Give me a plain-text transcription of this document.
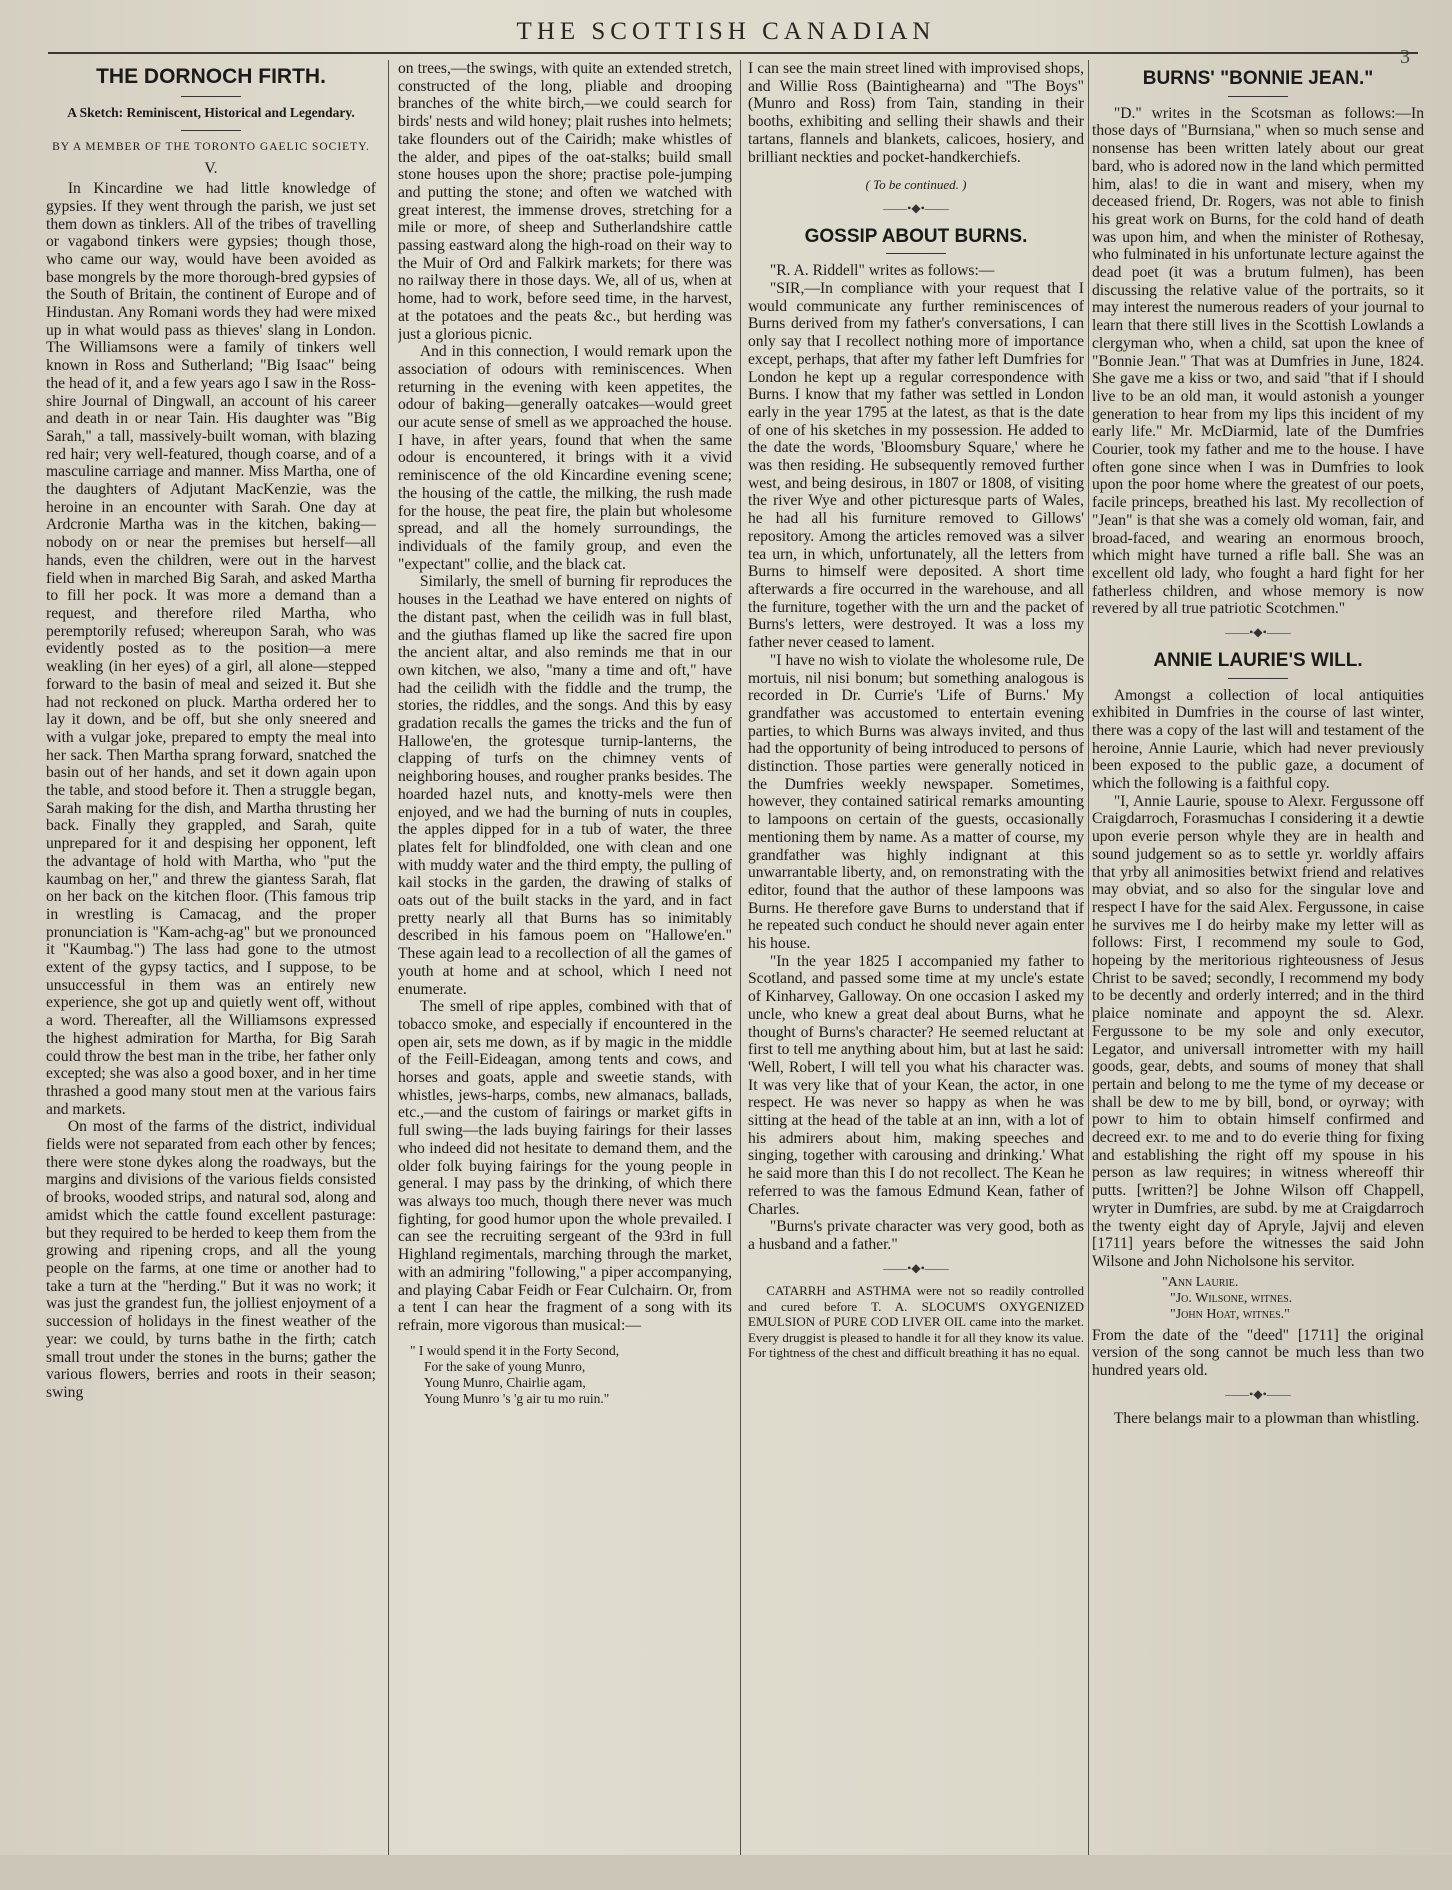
THE SCOTTISH CANADIAN
3
THE DORNOCH FIRTH.
A Sketch: Reminiscent, Historical and Legendary.
BY A MEMBER OF THE TORONTO GAELIC SOCIETY.
V.

In Kincardine we had little knowledge of gypsies. If they went through the parish, we just set them down as tinklers. All of the tribes of travelling or vagabond tinkers were gypsies; though those, who came our way, would have been avoided as base mongrels by the more thorough-bred gypsies of the South of Britain, the continent of Europe and of Hindustan. Any Romani words they had were mixed up in what would pass as thieves' slang in London. The Williamsons were a family of tinkers well known in Ross and Sutherland; "Big Isaac" being the head of it, and a few years ago I saw in the Ross-shire Journal of Dingwall, an account of his career and death in or near Tain. His daughter was "Big Sarah," a tall, massively-built woman, with blazing red hair; very well-featured, though coarse, and of a masculine carriage and manner. Miss Martha, one of the daughters of Adjutant MacKenzie, was the heroine in an encounter with Sarah. One day at Ardcronie Martha was in the kitchen, baking—nobody on or near the premises but herself—all hands, even the children, were out in the harvest field when in marched Big Sarah, and asked Martha to fill her pock. It was more a demand than a request, and therefore riled Martha, who peremptorily refused; whereupon Sarah, who was evidently posted as to the position—a mere weakling (in her eyes) of a girl, all alone—stepped forward to the basin of meal and seized it. But she had not reckoned on pluck. Martha ordered her to lay it down, and be off, but she only sneered and with a vulgar joke, prepared to empty the meal into her sack. Then Martha sprang forward, snatched the basin out of her hands, and set it down again upon the table, and stood before it. Then a struggle began, Sarah making for the dish, and Martha thrusting her back. Finally they grappled, and Sarah, quite unprepared for it and despising her opponent, left the advantage of hold with Martha, who "put the kaumbag on her," and threw the giantess Sarah, flat on her back on the kitchen floor. (This famous trip in wrestling is Camacag, and the proper pronunciation is "Kam-achg-ag" but we pronounced it "Kaumbag.") The lass had gone to the utmost extent of the gypsy tactics, and I suppose, to be unsuccessful in them was an entirely new experience, she got up and quietly went off, without a word. Thereafter, all the Williamsons expressed the highest admiration for Martha, for Big Sarah could throw the best man in the tribe, her father only excepted; she was also a good boxer, and in her time thrashed a good many stout men at the various fairs and markets.

On most of the farms of the district, individual fields were not separated from each other by fences; there were stone dykes along the roadways, but the margins and divisions of the various fields consisted of brooks, wooded strips, and natural sod, along and amidst which the cattle found excellent pasturage: but they required to be herded to keep them from the growing and ripening crops, and all the young people on the farms, at one time or another had to take a turn at the "herding." But it was no work; it was just the grandest fun, the jolliest enjoyment of a succession of holidays in the finest weather of the year: we could, by turns bathe in the firth; catch small trout under the stones in the burns; gather the various flowers, berries and roots in their season; swing

on trees,—the swings, with quite an extended stretch, constructed of the long, pliable and drooping branches of the white birch,—we could search for birds' nests and wild honey; plait rushes into helmets; take flounders out of the Cairidh; make whistles of the alder, and pipes of the oat-stalks; build small stone houses upon the shore; practise pole-jumping and putting the stone; and often we watched with great interest, the immense droves, stretching for a mile or more, of sheep and Sutherlandshire cattle passing eastward along the high-road on their way to the Muir of Ord and Falkirk markets; for there was no railway there in those days. We, all of us, when at home, had to work, before seed time, in the harvest, at the potatoes and the peats &c., but herding was just a glorious picnic.

And in this connection, I would remark upon the association of odours with reminiscences. When returning in the evening with keen appetites, the odour of baking—generally oatcakes—would greet our acute sense of smell as we approached the house. I have, in after years, found that when the same odour is encountered, it brings with it a vivid reminiscence of the old Kincardine evening scene; the housing of the cattle, the milking, the rush made for the house, the peat fire, the plain but wholesome spread, and all the homely surroundings, the individuals of the family group, and even the "expectant" collie, and the black cat.

Similarly, the smell of burning fir reproduces the houses in the Leathad we have entered on nights of the distant past, when the ceilidh was in full blast, and the giuthas flamed up like the sacred fire upon the ancient altar, and also reminds me that in our own kitchen, we also, "many a time and oft," have had the ceilidh with the fiddle and the trump, the stories, the riddles, and the songs. And this by easy gradation recalls the games the tricks and the fun of Hallowe'en, the grotesque turnip-lanterns, the clapping of turfs on the chimney vents of neighboring houses, and rougher pranks besides. The hoarded hazel nuts, and knotty-mels were then enjoyed, and we had the burning of nuts in couples, the apples dipped for in a tub of water, the three plates felt for blindfolded, one with clean and one with muddy water and the third empty, the pulling of kail stocks in the garden, the drawing of stalks of oats out of the built stacks in the yard, and in fact pretty nearly all that Burns has so inimitably described in his famous poem on "Hallowe'en." These again lead to a recollection of all the games of youth at home and at school, which I need not enumerate.

The smell of ripe apples, combined with that of tobacco smoke, and especially if encountered in the open air, sets me down, as if by magic in the middle of the Feill-Eideagan, among tents and cows, and horses and goats, apple and sweetie stands, with whistles, jews-harps, combs, new almanacs, ballads, etc.,—and the custom of fairings or market gifts in full swing—the lads buying fairings for their lasses who indeed did not hesitate to demand them, and the older folk buying fairings for the young people in general. I may pass by the drinking, of which there was always too much, though there never was much fighting, for good humor upon the whole prevailed. I can see the recruiting sergeant of the 93rd in full Highland regimentals, marching through the market, with an admiring "following," a piper accompanying, and playing Cabar Feidh or Fear Culchairn. Or, from a tent I can hear the fragment of a song with its refrain, more vigorous than musical:—

" I would spend it in the Forty Second,
For the sake of young Munro,
Young Munro, Chairlie agam,
Young Munro 's 'g air tu mo ruin."

I can see the main street lined with improvised shops, and Willie Ross (Baintighearna) and "The Boys" (Munro and Ross) from Tain, standing in their booths, exhibiting and selling their shawls and their tartans, flannels and blankets, calicoes, hosiery, and brilliant neckties and pocket-handkerchiefs.

( To be continued. )
——•◆•——
GOSSIP ABOUT BURNS.

"R. A. Riddell" writes as follows:—

"SIR,—In compliance with your request that I would communicate any further reminiscences of Burns derived from my father's conversations, I can only say that I recollect nothing more of importance except, perhaps, that after my father left Dumfries for London he kept up a regular correspondence with Burns. I know that my father was settled in London early in the year 1795 at the latest, as that is the date of one of his sketches in my possession. He added to the date the words, 'Bloomsbury Square,' where he was then residing. He subsequently removed further west, and being desirous, in 1807 or 1808, of visiting the river Wye and other picturesque parts of Wales, he had all his furniture removed to Gillows' repository. Among the articles removed was a silver tea urn, in which, unfortunately, all the letters from Burns to himself were deposited. A short time afterwards a fire occurred in the warehouse, and all the furniture, together with the urn and the packet of Burns's letters, were destroyed. It was a loss my father never ceased to lament.

"I have no wish to violate the wholesome rule, De mortuis, nil nisi bonum; but something analogous is recorded in Dr. Currie's 'Life of Burns.' My grandfather was accustomed to entertain evening parties, to which Burns was always invited, and thus had the opportunity of being introduced to persons of distinction. Those parties were generally noticed in the Dumfries weekly newspaper. Sometimes, however, they contained satirical remarks amounting to lampoons on certain of the guests, occasionally mentioning them by name. As a matter of course, my grandfather was highly indignant at this unwarrantable liberty, and, on remonstrating with the editor, found that the author of these lampoons was Burns. He therefore gave Burns to understand that if he repeated such conduct he should never again enter his house.

"In the year 1825 I accompanied my father to Scotland, and passed some time at my uncle's estate of Kinharvey, Galloway. On one occasion I asked my uncle, who knew a great deal about Burns, what he thought of Burns's character? He seemed reluctant at first to tell me anything about him, but at last he said: 'Well, Robert, I will tell you what his character was. It was very like that of your Kean, the actor, in one respect. He was never so happy as when he was sitting at the head of the table at an inn, with a lot of his admirers about him, making speeches and singing, together with carousing and drinking.' What he said more than this I do not recollect. The Kean he referred to was the famous Edmund Kean, father of Charles.

"Burns's private character was very good, both as a husband and a father."

——•◆•——

CATARRH and ASTHMA were not so readily controlled and cured before T. A. SLOCUM'S OXYGENIZED EMULSION of PURE COD LIVER OIL came into the market. Every druggist is pleased to handle it for all they know its value. For tightness of the chest and difficult breathing it has no equal.

BURNS' "BONNIE JEAN."

"D." writes in the Scotsman as follows:—In those days of "Burnsiana," when so much sense and nonsense has been written lately about our great bard, who is adored now in the land which permitted him, alas! to die in want and misery, when my deceased friend, Dr. Rogers, was not able to finish his great work on Burns, for the cold hand of death was upon him, and when the minister of Rothesay, who fulminated in his unfortunate lecture against the dead poet (it was a brutum fulmen), has been discussing the relative value of the portraits, so it may interest the numerous readers of your journal to learn that there still lives in the Scottish Lowlands a clergyman who, when a child, sat upon the knee of "Bonnie Jean." That was at Dumfries in June, 1824. She gave me a kiss or two, and said "that if I should live to be an old man, it would astonish a younger generation to hear from my lips this incident of my early life." Mr. McDiarmid, late of the Dumfries Courier, took my father and me to the house. I have often gone since when I was in Dumfries to look upon the poor home where the greatest of our poets, facile princeps, breathed his last. My recollection of "Jean" is that she was a comely old woman, fair, and broad-faced, and wearing an enormous brooch, which might have turned a rifle ball. She was an excellent old lady, who fought a hard fight for her fatherless children, and whose memory is now revered by all true patriotic Scotchmen."

——•◆•——
ANNIE LAURIE'S WILL.

Amongst a collection of local antiquities exhibited in Dumfries in the course of last winter, there was a copy of the last will and testament of the heroine, Annie Laurie, which had never previously been exposed to the public gaze, a document of which the following is a faithful copy.

"I, Annie Laurie, spouse to Alexr. Fergussone off Craigdarroch, Forasmuchas I considering it a dewtie upon everie person whyle they are in health and sound judgement so as to settle yr. worldly affairs that yrby all animosities betwixt friend and relatives may obviat, and so also for the singular love and respect I have for the said Alex. Fergussone, in caise he survives me I do heirby make my letter will as follows: First, I recommend my soule to God, hopeing by the meritorious righteousness of Jesus Christ to be saved; secondly, I recommend my body to be decently and orderly interred; and in the third plaice nominate and appoynt the sd. Alexr. Fergussone to be my sole and only executor, Legator, and universall intrometter with my haill goods, gear, debts, and soums of money that shall pertain and belong to me the tyme of my decease or shall be dew to me by bill, bond, or oyrway; with powr to him to obtain himself confirmed and decreed exr. to me and to do everie thing for fixing and establishing the right off my spouse in his person as law requires; in witness whereoff thir putts. [written?] be Johne Wilson off Chappell, wryter in Dumfries, are subd. by me at Craigdarroch the twenty eight day of Apryle, Jajvij and eleven [1711] years before the witnesses the said John Wilsone and John Nicholsone his servitor.

"Ann Laurie.
"Jo. Wilsone, witnes.
"John Hoat, witnes."

From the date of the "deed" [1711] the original version of the song cannot be much less than two hundred years old.

——•◆•——

There belangs mair to a plowman than whistling.
